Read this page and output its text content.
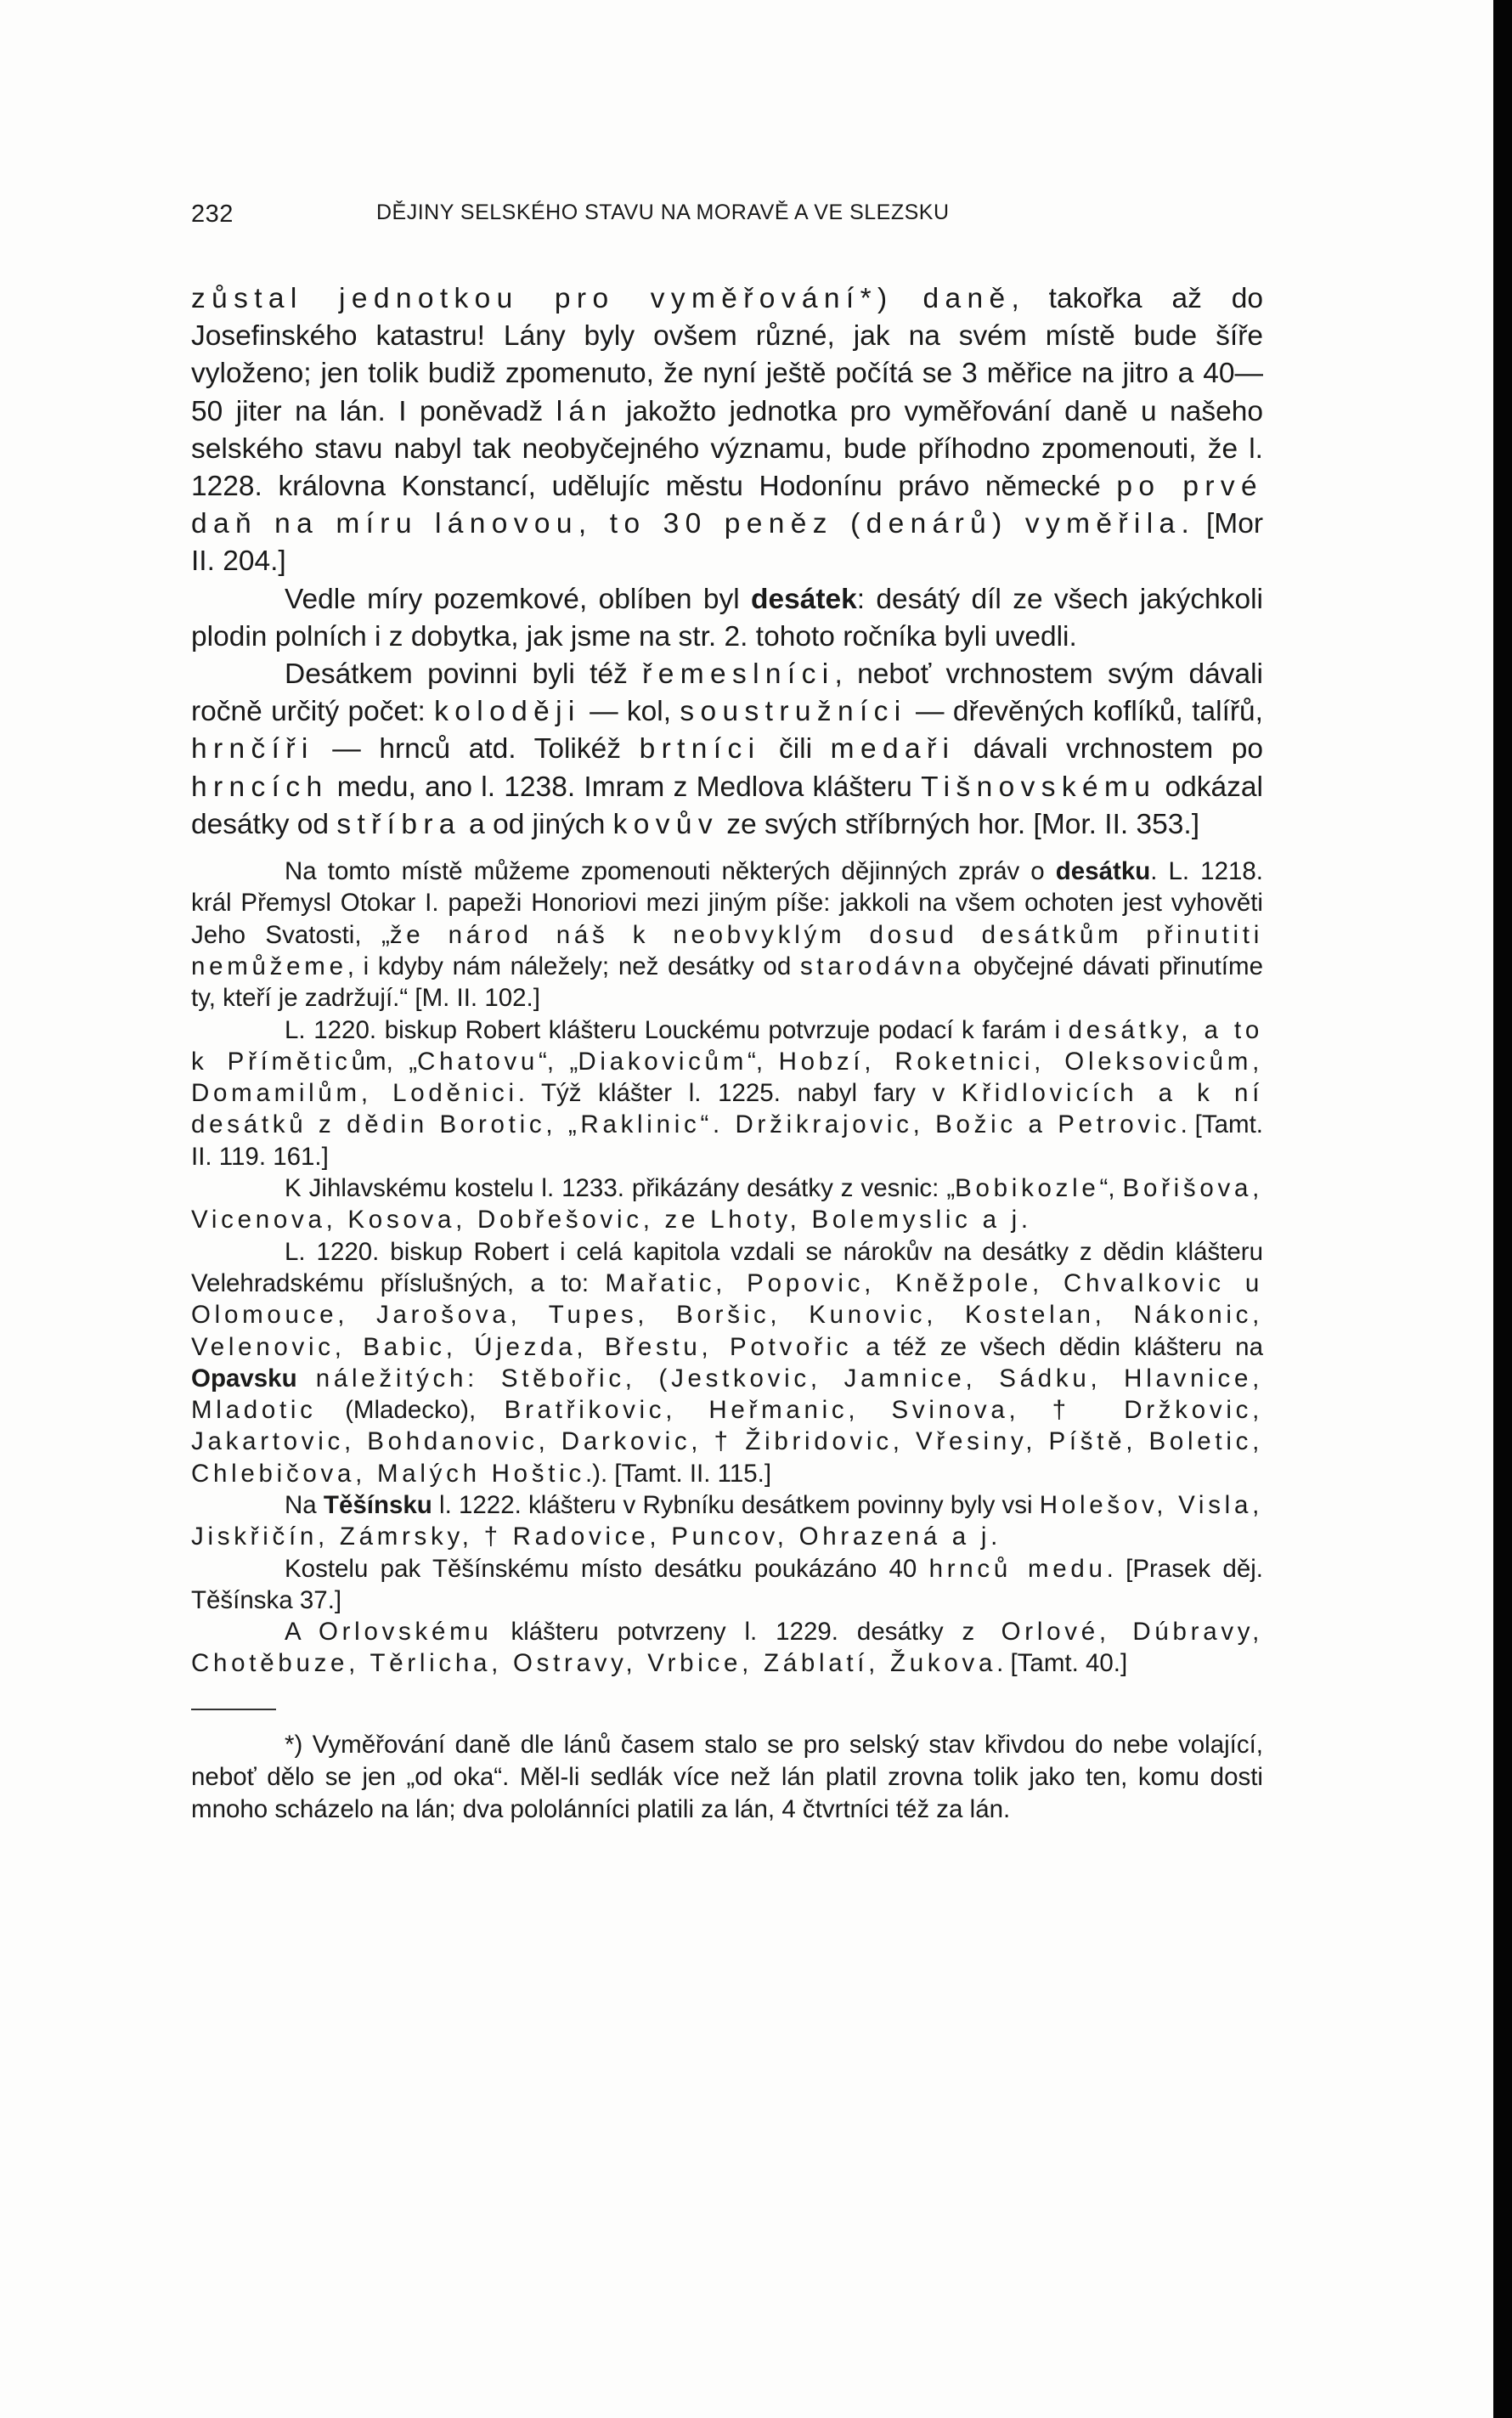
232	DĚJINY SELSKÉHO STAVU NA MORAVĚ A VE SLEZSKU

zůstal jednotkou pro vyměřování*) daně, takořka až do Josefinského katastru! Lány byly ovšem různé, jak na svém místě bude šíře vyloženo; jen tolik budiž zpomenuto, že nyní ještě počítá se 3 měřice na jitro a 40—50 jiter na lán. I poněvadž lán jakožto jednotka pro vyměřování daně u našeho selského stavu nabyl tak neobyčejného významu, bude příhodno zpomenouti, že l. 1228. královna Konstancí, udělujíc městu Hodonínu právo německé po prvé daň na míru lánovou, to 30 peněz (denárů) vyměřila. [Mor II. 204.]

Vedle míry pozemkové, oblíben byl desátek: desátý díl ze všech jakýchkoli plodin polních i z dobytka, jak jsme na str. 2. tohoto ročníka byli uvedli.

Desátkem povinni byli též řemeslníci, neboť vrchnostem svým dávali ročně určitý počet: koloději — kol, soustružníci — dřevěných koflíků, talířů, hrnčíři — hrnců atd. Tolikéž brtníci čili medaři dávali vrchnostem po hrncích medu, ano l. 1238. Imram z Medlova klášteru Tišnovskému odkázal desátky od stříbra a od jiných kovův ze svých stříbrných hor. [Mor. II. 353.]

Na tomto místě můžeme zpomenouti některých dějinných zpráv o desátku. L. 1218. král Přemysl Otokar I. papeži Honoriovi mezi jiným píše: jakkoli na všem ochoten jest vyhověti Jeho Svatosti, „že národ náš k neobvyklým dosud desátkům přinutiti nemůžeme, i kdyby nám náležely; než desátky od starodávna obyčejné dávati přinutíme ty, kteří je zadržují.“ [M. II. 102.]

L. 1220. biskup Robert klášteru Louckému potvrzuje podací k farám i desátky, a to k Příměticům, „Chatovu“, „Diakovicům“, Hobzí, Roketnici, Oleksovicům, Domamilům, Loděnici. Týž klášter l. 1225. nabyl fary v Křidlovicích a k ní desátků z dědin Borotic, „Raklinic“. Držikrajovic, Božic a Petrovic. [Tamt. II. 119. 161.]

K Jihlavskému kostelu l. 1233. přikázány desátky z vesnic: „Bobikozle“, Bořišova, Vicenova, Kosova, Dobřešovic, ze Lhoty, Bolemyslic a j.

L. 1220. biskup Robert i celá kapitola vzdali se nárokův na desátky z dědin klášteru Velehradskému příslušných, a to: Mařatic, Popovic, Kněžpole, Chvalkovic u Olomouce, Jarošova, Tupes, Boršic, Kunovic, Kostelan, Nákonic, Velenovic, Babic, Újezda, Břestu, Potvořic a též ze všech dědin klášteru na Opavsku náležitých: Stěbořic, (Jestkovic, Jamnice, Sádku, Hlavnice, Mladotic (Mladecko), Bratřikovic, Heřmanic, Svinova, † Držkovic, Jakartovic, Bohdanovic, Darkovic, † Žibridovic, Vřesiny, Píště, Boletic, Chlebičova, Malých Hoštic.). [Tamt. II. 115.]

Na Těšínsku l. 1222. klášteru v Rybníku desátkem povinny byly vsi Holešov, Visla, Jiskřičín, Zámrsky, † Radovice, Puncov, Ohrazená a j.

Kostelu pak Těšínskému místo desátku poukázáno 40 hrnců medu. [Prasek děj. Těšínska 37.]

A Orlovskému klášteru potvrzeny l. 1229. desátky z Orlové, Dúbravy, Chotěbuze, Těrlicha, Ostravy, Vrbice, Záblatí, Žukova. [Tamt. 40.]

*) Vyměřování daně dle lánů časem stalo se pro selský stav křivdou do nebe volající, neboť dělo se jen „od oka“. Měl-li sedlák více než lán platil zrovna tolik jako ten, komu dosti mnoho scházelo na lán; dva pololánníci platili za lán, 4 čtvrtníci též za lán.
